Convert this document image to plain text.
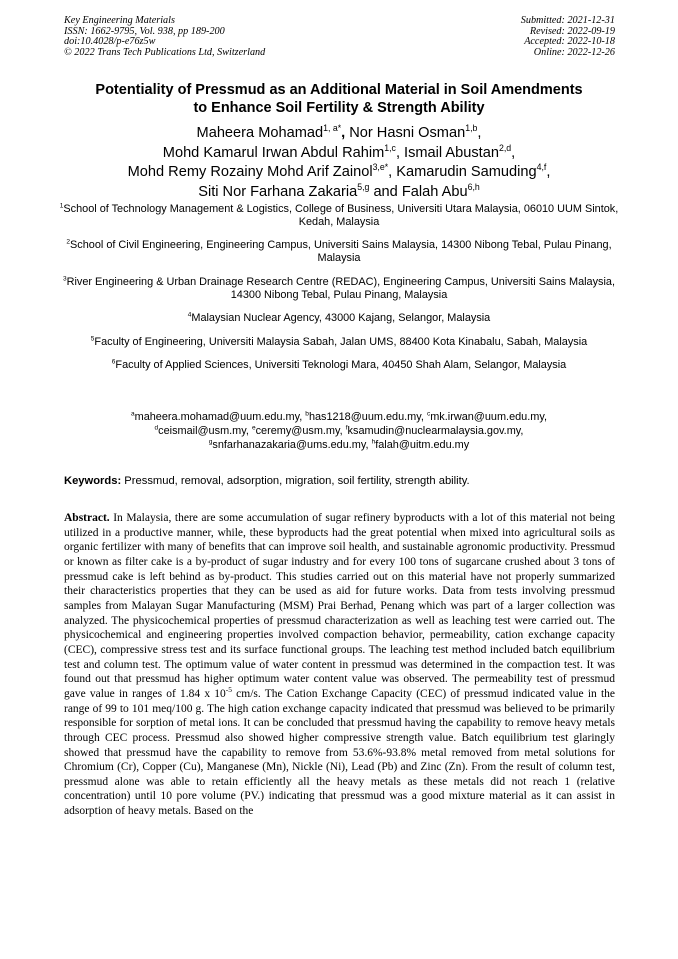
Key Engineering Materials
ISSN: 1662-9795, Vol. 938, pp 189-200
doi:10.4028/p-e76z5w
© 2022 Trans Tech Publications Ltd, Switzerland
Submitted: 2021-12-31
Revised: 2022-09-19
Accepted: 2022-10-18
Online: 2022-12-26
Potentiality of Pressmud as an Additional Material in Soil Amendments
to Enhance Soil Fertility & Strength Ability
Maheera Mohamad$^{1, a*}$, Nor Hasni Osman$^{1,b}$,
Mohd Kamarul Irwan Abdul Rahim$^{1,c}$, Ismail Abustan$^{2,d}$,
Mohd Remy Rozainy Mohd Arif Zainol$^{3,e*}$, Kamarudin Samuding$^{4,f}$,
Siti Nor Farhana Zakaria$^{5,g}$ and Falah Abu$^{6,h}$
$^1$School of Technology Management & Logistics, College of Business, Universiti Utara Malaysia, 06010 UUM Sintok, Kedah, Malaysia
$^2$School of Civil Engineering, Engineering Campus, Universiti Sains Malaysia, 14300 Nibong Tebal, Pulau Pinang, Malaysia
$^3$River Engineering & Urban Drainage Research Centre (REDAC), Engineering Campus, Universiti Sains Malaysia, 14300 Nibong Tebal, Pulau Pinang, Malaysia
$^4$Malaysian Nuclear Agency, 43000 Kajang, Selangor, Malaysia
$^5$Faculty of Engineering, Universiti Malaysia Sabah, Jalan UMS, 88400 Kota Kinabalu, Sabah, Malaysia
$^6$Faculty of Applied Sciences, Universiti Teknologi Mara, 40450 Shah Alam, Selangor, Malaysia
$^a$maheera.mohamad@uum.edu.my, $^b$has1218@uum.edu.my, $^c$mk.irwan@uum.edu.my,
$^d$ceismail@usm.my, $^e$ceremy@usm.my, $^f$ksamudin@nuclearmalaysia.gov.my,
$^g$snfarhanazakaria@ums.edu.my, $^h$falah@uitm.edu.my
Keywords: Pressmud, removal, adsorption, migration, soil fertility, strength ability.
Abstract. In Malaysia, there are some accumulation of sugar refinery byproducts with a lot of this material not being utilized in a productive manner, while, these byproducts had the great potential when mixed into agricultural soils as organic fertilizer with many of benefits that can improve soil health, and sustainable agronomic productivity. Pressmud or known as filter cake is a by-product of sugar industry and for every 100 tons of sugarcane crushed about 3 tons of pressmud cake is left behind as by-product. This studies carried out on this material have not properly summarized their characteristics properties that they can be used as aid for future works. Data from tests involving pressmud samples from Malayan Sugar Manufacturing (MSM) Prai Berhad, Penang which was part of a larger collection was analyzed. The physicochemical properties of pressmud characterization as well as leaching test were carried out. The physicochemical and engineering properties involved compaction behavior, permeability, cation exchange capacity (CEC), compressive stress test and its surface functional groups. The leaching test method included batch equilibrium test and column test. The optimum value of water content in pressmud was determined in the compaction test. It was found out that pressmud has higher optimum water content value was observed. The permeability test of pressmud gave value in ranges of 1.84 x $10^{-5}$ cm/s. The Cation Exchange Capacity (CEC) of pressmud indicated value in the range of 99 to 101 meq/100 g. The high cation exchange capacity indicated that pressmud was believed to be primarily responsible for sorption of metal ions. It can be concluded that pressmud having the capability to remove heavy metals through CEC process. Pressmud also showed higher compressive strength value. Batch equilibrium test glaringly showed that pressmud have the capability to remove from 53.6%-93.8% metal removed from metal solutions for Chromium (Cr), Copper (Cu), Manganese (Mn), Nickle (Ni), Lead (Pb) and Zinc (Zn). From the result of column test, pressmud alone was able to retain efficiently all the heavy metals as these metals did not reach 1 (relative concentration) until 10 pore volume (PV.) indicating that pressmud was a good mixture material as it can assist in adsorption of heavy metals. Based on the
